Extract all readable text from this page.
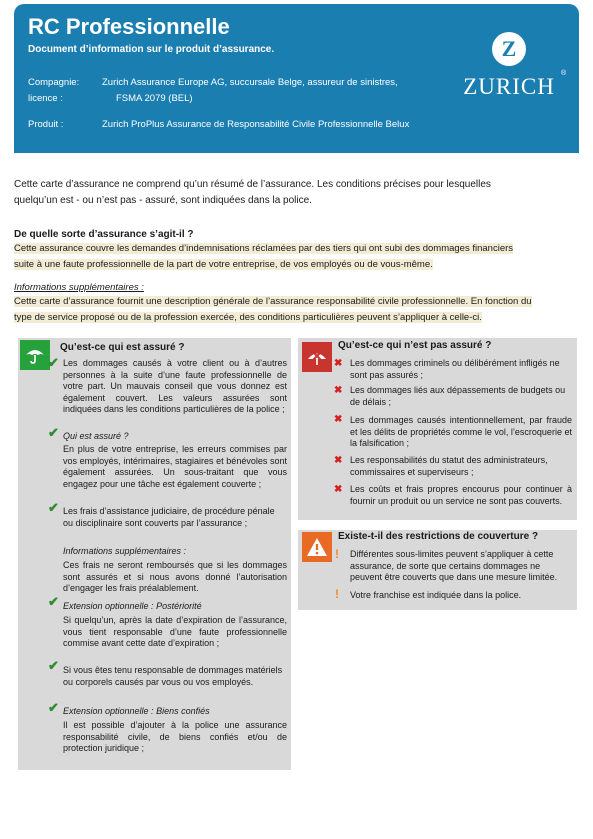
RC Professionnelle
Document d’information sur le produit d’assurance.
Compagnie: Zurich Assurance Europe AG, succursale Belge, assureur de sinistres,
licence :	FSMA 2079 (BEL)
Produit :	Zurich ProPlus Assurance de Responsabilité Civile Professionnelle Belux
Z
ZURICH
®
Cette carte d’assurance ne comprend qu’un résumé de l’assurance. Les conditions précises pour lesquelles quelqu’un est - ou n’est pas - assuré, sont indiquées dans la police.
De quelle sorte d’assurance s’agit-il ?
Cette assurance couvre les demandes d’indemnisations réclamées par des tiers qui ont subi des dommages financiers suite à une faute professionnelle de la part de votre entreprise, de vos employés ou de vous-même.
Informations supplémentaires :
Cette carte d’assurance fournit une description générale de l’assurance responsabilité civile professionnelle. En fonction du type de service proposé ou de la profession exercée, des conditions particulières peuvent s’appliquer à celle-ci.
Qu’est-ce qui est assuré ?
✔ Les dommages causés à votre client ou à d’autres personnes à la suite d’une faute professionnelle de votre part. Un mauvais conseil que vous donnez est également couvert. Les valeurs assurées sont indiquées dans les conditions particulières de la police ;
✔ Qui est assuré ?
En plus de votre entreprise, les erreurs commises par vos employés, intérimaires, stagiaires et bénévoles sont également assurées. Un sous-traitant que vous engagez pour une tâche est également couverte ;
✔ Les frais d’assistance judiciaire, de procédure pénale ou disciplinaire sont couverts par l’assurance ;
Informations supplémentaires :
Ces frais ne seront remboursés que si les dommages sont assurés et si nous avons donné l’autorisation d’engager les frais préalablement.
✔ Extension optionnelle : Postériorité
Si quelqu’un, après la date d’expiration de l’assurance, vous tient responsable d’une faute professionnelle commise avant cette date d’expiration ;
✔ Si vous êtes tenu responsable de dommages matériels ou corporels causés par vous ou vos employés.
✔ Extension optionnelle : Biens confiés
Il est possible d’ajouter à la police une assurance responsabilité civile, de biens confiés et/ou de protection juridique ;
Qu’est-ce qui n’est pas assuré ?
✖ Les dommages criminels ou délibérément infligés ne sont pas assurés ;
✖ Les dommages liés aux dépassements de budgets ou de délais ;
✖ Les dommages causés intentionnellement, par fraude et les délits de propriétés comme le vol, l’escroquerie et la falsification ;
✖ Les responsabilités du statut des administrateurs, commissaires et superviseurs ;
✖ Les coûts et frais propres encourus pour continuer à fournir un produit ou un service ne sont pas couverts.
Existe-t-il des restrictions de couverture ?
! Différentes sous-limites peuvent s’appliquer à cette assurance, de sorte que certains dommages ne peuvent être couverts que dans une mesure limitée.
! Votre franchise est indiquée dans la police.
